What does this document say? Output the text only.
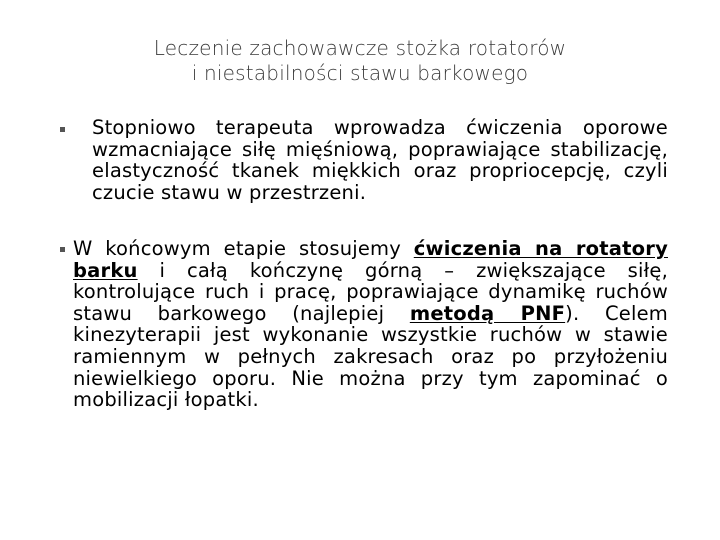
Leczenie zachowawcze stożka rotatorów
i niestabilności stawu barkowego
Stopniowo terapeuta wprowadza ćwiczenia oporowe wzmacniające siłę mięśniową, poprawiające stabilizację, elastyczność tkanek miękkich oraz propriocepcję, czyli czucie stawu w przestrzeni.
W końcowym etapie stosujemy ćwiczenia na rotatory barku i całą kończynę górną – zwiększające siłę, kontrolujące ruch i pracę, poprawiające dynamikę ruchów stawu barkowego (najlepiej metodą PNF). Celem kinezyterapii jest wykonanie wszystkie ruchów w stawie ramiennym w pełnych zakresach oraz po przyłożeniu niewielkiego oporu. Nie można przy tym zapominać o mobilizacji łopatki.
